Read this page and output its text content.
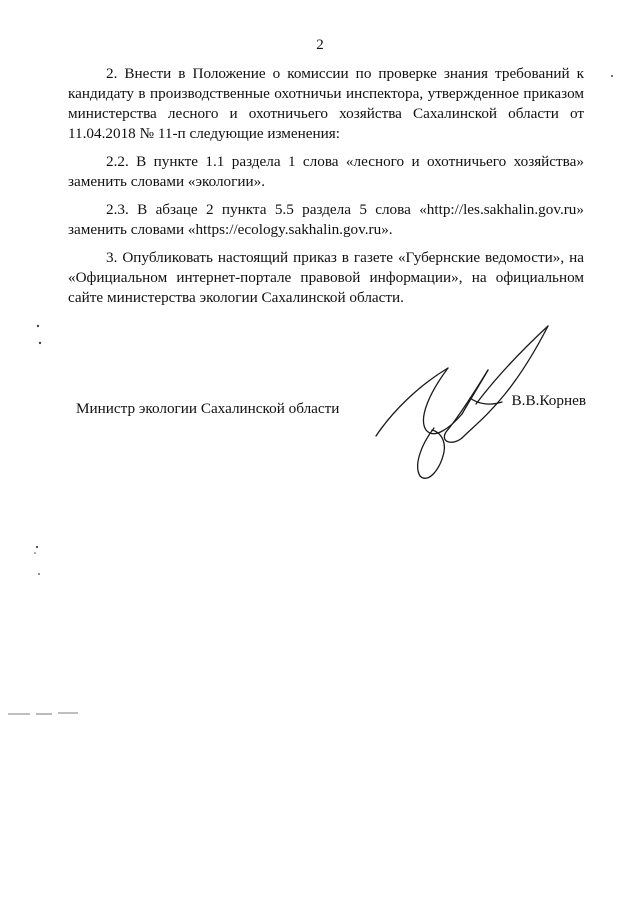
2

2. Внести в Положение о комиссии по проверке знания требований к кандидату в производственные охотничьи инспектора, утвержденное приказом министерства лесного и охотничьего хозяйства Сахалинской области от 11.04.2018 № 11-п следующие изменения:

2.2. В пункте 1.1 раздела 1 слова «лесного и охотничьего хозяйства» заменить словами «экологии».

2.3. В абзаце 2 пункта 5.5 раздела 5 слова «http://les.sakhalin.gov.ru» заменить словами «https://ecology.sakhalin.gov.ru».

3. Опубликовать настоящий приказ в газете «Губернские ведомости», на «Официальном интернет-портале правовой информации», на официальном сайте министерства экологии Сахалинской области.

Министр экологии Сахалинской области	В.В.Корнев
